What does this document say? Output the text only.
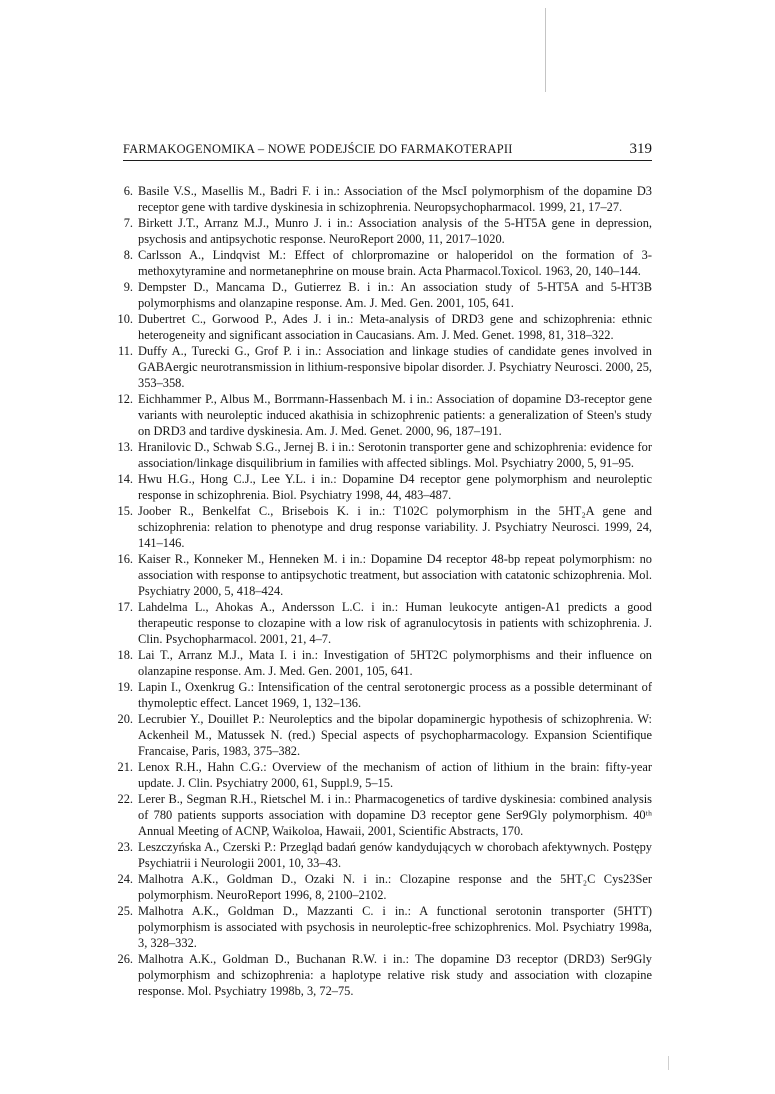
FARMAKOGENOMIKA – NOWE PODEJŚCIE DO FARMAKOTERAPII	319
6. Basile V.S., Masellis M., Badri F. i in.: Association of the MscI polymorphism of the dopamine D3 receptor gene with tardive dyskinesia in schizophrenia. Neuropsychopharmacol. 1999, 21, 17–27.
7. Birkett J.T., Arranz M.J., Munro J. i in.: Association analysis of the 5-HT5A gene in depression, psychosis and antipsychotic response. NeuroReport 2000, 11, 2017–1020.
8. Carlsson A., Lindqvist M.: Effect of chlorpromazine or haloperidol on the formation of 3-methoxytyramine and normetanephrine on mouse brain. Acta Pharmacol.Toxicol. 1963, 20, 140–144.
9. Dempster D., Mancama D., Gutierrez B. i in.: An association study of 5-HT5A and 5-HT3B polymorphisms and olanzapine response. Am. J. Med. Gen. 2001, 105, 641.
10. Dubertret C., Gorwood P., Ades J. i in.: Meta-analysis of DRD3 gene and schizophrenia: ethnic heterogeneity and significant association in Caucasians. Am. J. Med. Genet. 1998, 81, 318–322.
11. Duffy A., Turecki G., Grof P. i in.: Association and linkage studies of candidate genes involved in GABAergic neurotransmission in lithium-responsive bipolar disorder. J. Psychiatry Neurosci. 2000, 25, 353–358.
12. Eichhammer P., Albus M., Borrmann-Hassenbach M. i in.: Association of dopamine D3-receptor gene variants with neuroleptic induced akathisia in schizophrenic patients: a generalization of Steen's study on DRD3 and tardive dyskinesia. Am. J. Med. Genet. 2000, 96, 187–191.
13. Hranilovic D., Schwab S.G., Jernej B. i in.: Serotonin transporter gene and schizophrenia: evidence for association/linkage disquilibrium in families with affected siblings. Mol. Psychiatry 2000, 5, 91–95.
14. Hwu H.G., Hong C.J., Lee Y.L. i in.: Dopamine D4 receptor gene polymorphism and neuroleptic response in schizophrenia. Biol. Psychiatry 1998, 44, 483–487.
15. Joober R., Benkelfat C., Brisebois K. i in.: T102C polymorphism in the 5HT₂A gene and schizophrenia: relation to phenotype and drug response variability. J. Psychiatry Neurosci. 1999, 24, 141–146.
16. Kaiser R., Konneker M., Henneken M. i in.: Dopamine D4 receptor 48-bp repeat polymorphism: no association with response to antipsychotic treatment, but association with catatonic schizophrenia. Mol. Psychiatry 2000, 5, 418–424.
17. Lahdelma L., Ahokas A., Andersson L.C. i in.: Human leukocyte antigen-A1 predicts a good therapeutic response to clozapine with a low risk of agranulocytosis in patients with schizophrenia. J. Clin. Psychopharmacol. 2001, 21, 4–7.
18. Lai T., Arranz M.J., Mata I. i in.: Investigation of 5HT2C polymorphisms and their influence on olanzapine response. Am. J. Med. Gen. 2001, 105, 641.
19. Lapin I., Oxenkrug G.: Intensification of the central serotonergic process as a possible determinant of thymoleptic effect. Lancet 1969, 1, 132–136.
20. Lecrubier Y., Douillet P.: Neuroleptics and the bipolar dopaminergic hypothesis of schizophrenia. W: Ackenheil M., Matussek N. (red.) Special aspects of psychopharmacology. Expansion Scientifique Francaise, Paris, 1983, 375–382.
21. Lenox R.H., Hahn C.G.: Overview of the mechanism of action of lithium in the brain: fifty-year update. J. Clin. Psychiatry 2000, 61, Suppl.9, 5–15.
22. Lerer B., Segman R.H., Rietschel M. i in.: Pharmacogenetics of tardive dyskinesia: combined analysis of 780 patients supports association with dopamine D3 receptor gene Ser9Gly polymorphism. 40ᵗʰ Annual Meeting of ACNP, Waikoloa, Hawaii, 2001, Scientific Abstracts, 170.
23. Leszczyńska A., Czerski P.: Przegląd badań genów kandydujących w chorobach afektywnych. Postępy Psychiatrii i Neurologii 2001, 10, 33–43.
24. Malhotra A.K., Goldman D., Ozaki N. i in.: Clozapine response and the 5HT₂C Cys23Ser polymorphism. NeuroReport 1996, 8, 2100–2102.
25. Malhotra A.K., Goldman D., Mazzanti C. i in.: A functional serotonin transporter (5HTT) polymorphism is associated with psychosis in neuroleptic-free schizophrenics. Mol. Psychiatry 1998a, 3, 328–332.
26. Malhotra A.K., Goldman D., Buchanan R.W. i in.: The dopamine D3 receptor (DRD3) Ser9Gly polymorphism and schizophrenia: a haplotype relative risk study and association with clozapine response. Mol. Psychiatry 1998b, 3, 72–75.
